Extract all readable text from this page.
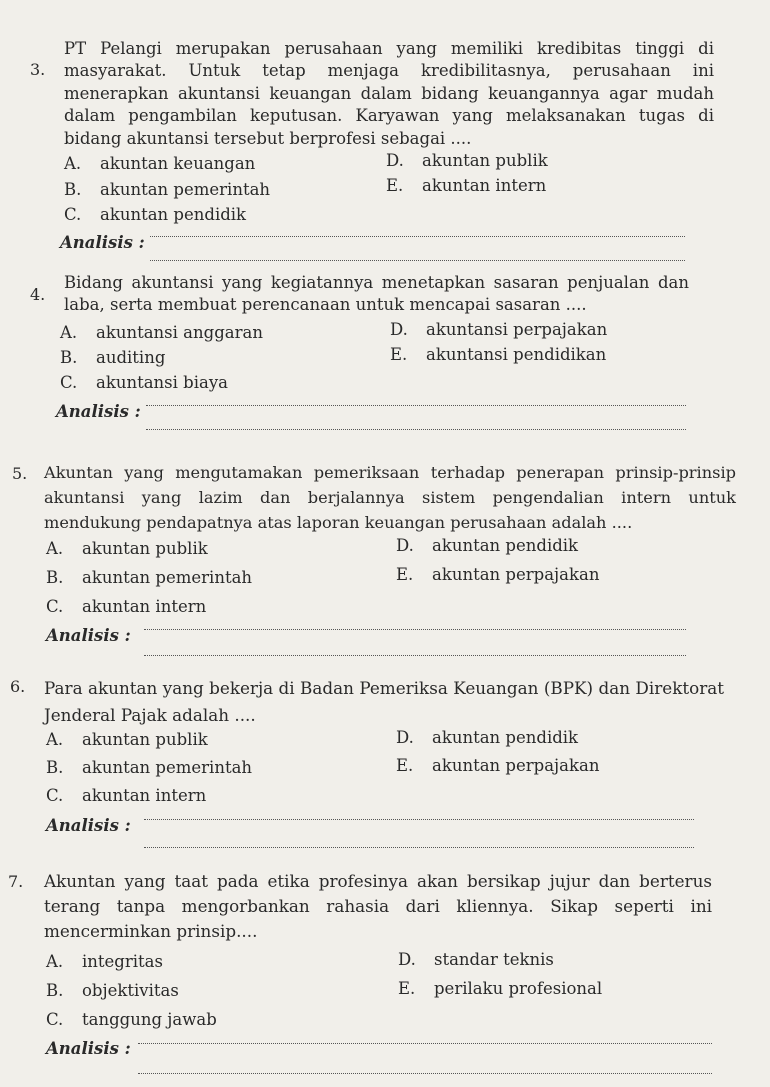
3.
PT Pelangi merupakan perusahaan yang memiliki kredibitas tinggi di masyarakat. Untuk tetap menjaga kredibilitasnya, perusahaan ini menerapkan akuntansi keuangan dalam bidang keuangannya agar mudah dalam pengambilan keputusan. Karyawan yang melaksanakan tugas di bidang akuntansi tersebut berprofesi sebagai ....
A. akuntan keuangan
B. akuntan pemerintah
C. akuntan pendidik
D. akuntan publik
E. akuntan intern
Analisis :
4.
Bidang akuntansi yang kegiatannya menetapkan sasaran penjualan dan laba, serta membuat perencanaan untuk mencapai sasaran ....
A. akuntansi anggaran
B. auditing
C. akuntansi biaya
D. akuntansi perpajakan
E. akuntansi pendidikan
Analisis :
5. Akuntan yang mengutamakan pemeriksaan terhadap penerapan prinsip-prinsip akuntansi yang lazim dan berjalannya sistem pengendalian intern untuk mendukung pendapatnya atas laporan keuangan perusahaan adalah ....
A. akuntan publik
B. akuntan pemerintah
C. akuntan intern
D. akuntan pendidik
E. akuntan perpajakan
Analisis :
6. Para akuntan yang bekerja di Badan Pemeriksa Keuangan (BPK) dan Direktorat Jenderal Pajak adalah ....
A. akuntan publik
B. akuntan pemerintah
C. akuntan intern
D. akuntan pendidik
E. akuntan perpajakan
Analisis :
7. Akuntan yang taat pada etika profesinya akan bersikap jujur dan berterus terang tanpa mengorbankan rahasia dari kliennya. Sikap seperti ini mencerminkan prinsip....
A. integritas
B. objektivitas
C. tanggung jawab
D. standar teknis
E. perilaku profesional
Analisis :
